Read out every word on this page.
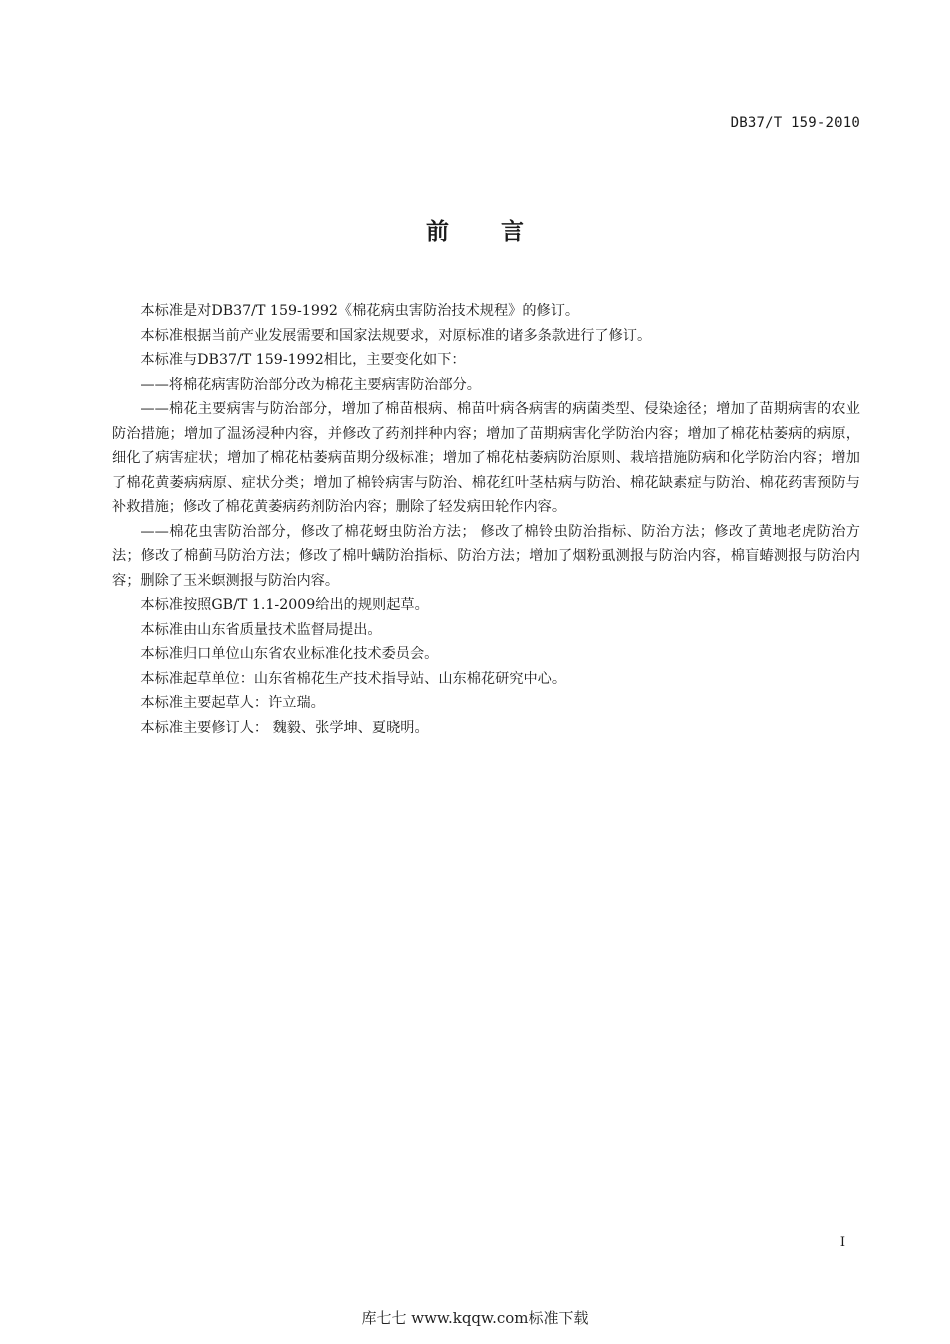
DB37/T 159-2010
前言

本标准是对DB37/T 159-1992《棉花病虫害防治技术规程》的修订。

本标准根据当前产业发展需要和国家法规要求，对原标准的诸多条款进行了修订。

本标准与DB37/T 159-1992相比，主要变化如下：

——将棉花病害防治部分改为棉花主要病害防治部分。

——棉花主要病害与防治部分，增加了棉苗根病、棉苗叶病各病害的病菌类型、侵染途径；增加了苗期病害的农业防治措施；增加了温汤浸种内容，并修改了药剂拌种内容；增加了苗期病害化学防治内容；增加了棉花枯萎病的病原，细化了病害症状；增加了棉花枯萎病苗期分级标准；增加了棉花枯萎病防治原则、栽培措施防病和化学防治内容；增加了棉花黄萎病病原、症状分类；增加了棉铃病害与防治、棉花红叶茎枯病与防治、棉花缺素症与防治、棉花药害预防与补救措施；修改了棉花黄萎病药剂防治内容；删除了轻发病田轮作内容。

——棉花虫害防治部分，修改了棉花蚜虫防治方法； 修改了棉铃虫防治指标、防治方法；修改了黄地老虎防治方法；修改了棉蓟马防治方法；修改了棉叶螨防治指标、防治方法；增加了烟粉虱测报与防治内容，棉盲蝽测报与防治内容；删除了玉米螟测报与防治内容。

本标准按照GB/T 1.1-2009给出的规则起草。

本标准由山东省质量技术监督局提出。

本标准归口单位山东省农业标准化技术委员会。

本标准起草单位：山东省棉花生产技术指导站、山东棉花研究中心。

本标准主要起草人：许立瑞。

本标准主要修订人： 魏毅、张学坤、夏晓明。

I
库七七 www.kqqw.com标准下载
